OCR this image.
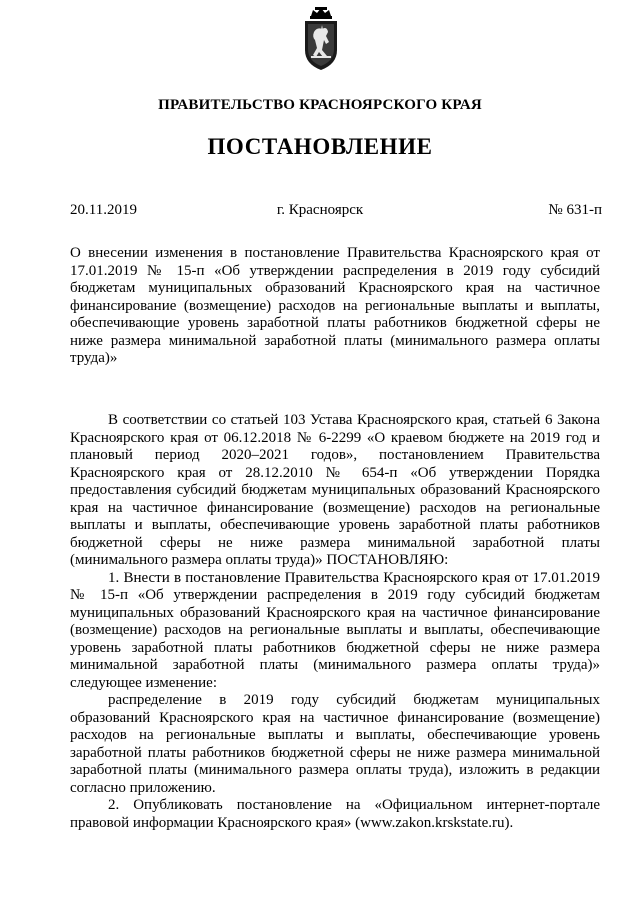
ПРАВИТЕЛЬСТВО КРАСНОЯРСКОГО КРАЯ
ПОСТАНОВЛЕНИЕ
г. Красноярск
20.11.2019	№ 631-п
О внесении изменения в постановление Правительства Красноярского края от 17.01.2019 № 15-п «Об утверждении распределения в 2019 году субсидий бюджетам муниципальных образований Красноярского края на частичное финансирование (возмещение) расходов на региональные выплаты и выплаты, обеспечивающие уровень заработной платы работников бюджетной сферы не ниже размера минимальной заработной платы (минимального размера оплаты труда)»

В соответствии со статьей 103 Устава Красноярского края, статьей 6 Закона Красноярского края от 06.12.2018 № 6-2299 «О краевом бюджете на 2019 год и плановый период 2020–2021 годов», постановлением Правительства Красноярского края от 28.12.2010 № 654-п «Об утверждении Порядка предоставления субсидий бюджетам муниципальных образований Красноярского края на частичное финансирование (возмещение) расходов на региональные выплаты и выплаты, обеспечивающие уровень заработной платы работников бюджетной сферы не ниже размера минимальной заработной платы (минимального размера оплаты труда)» ПОСТАНОВЛЯЮ:

1. Внести в постановление Правительства Красноярского края от 17.01.2019 № 15-п «Об утверждении распределения в 2019 году субсидий бюджетам муниципальных образований Красноярского края на частичное финансирование (возмещение) расходов на региональные выплаты и выплаты, обеспечивающие уровень заработной платы работников бюджетной сферы не ниже размера минимальной заработной платы (минимального размера оплаты труда)» следующее изменение:

распределение в 2019 году субсидий бюджетам муниципальных образований Красноярского края на частичное финансирование (возмещение) расходов на региональные выплаты и выплаты, обеспечивающие уровень заработной платы работников бюджетной сферы не ниже размера минимальной заработной платы (минимального размера оплаты труда), изложить в редакции согласно приложению.

2. Опубликовать постановление на «Официальном интернет-портале правовой информации Красноярского края» (www.zakon.krskstate.ru).
